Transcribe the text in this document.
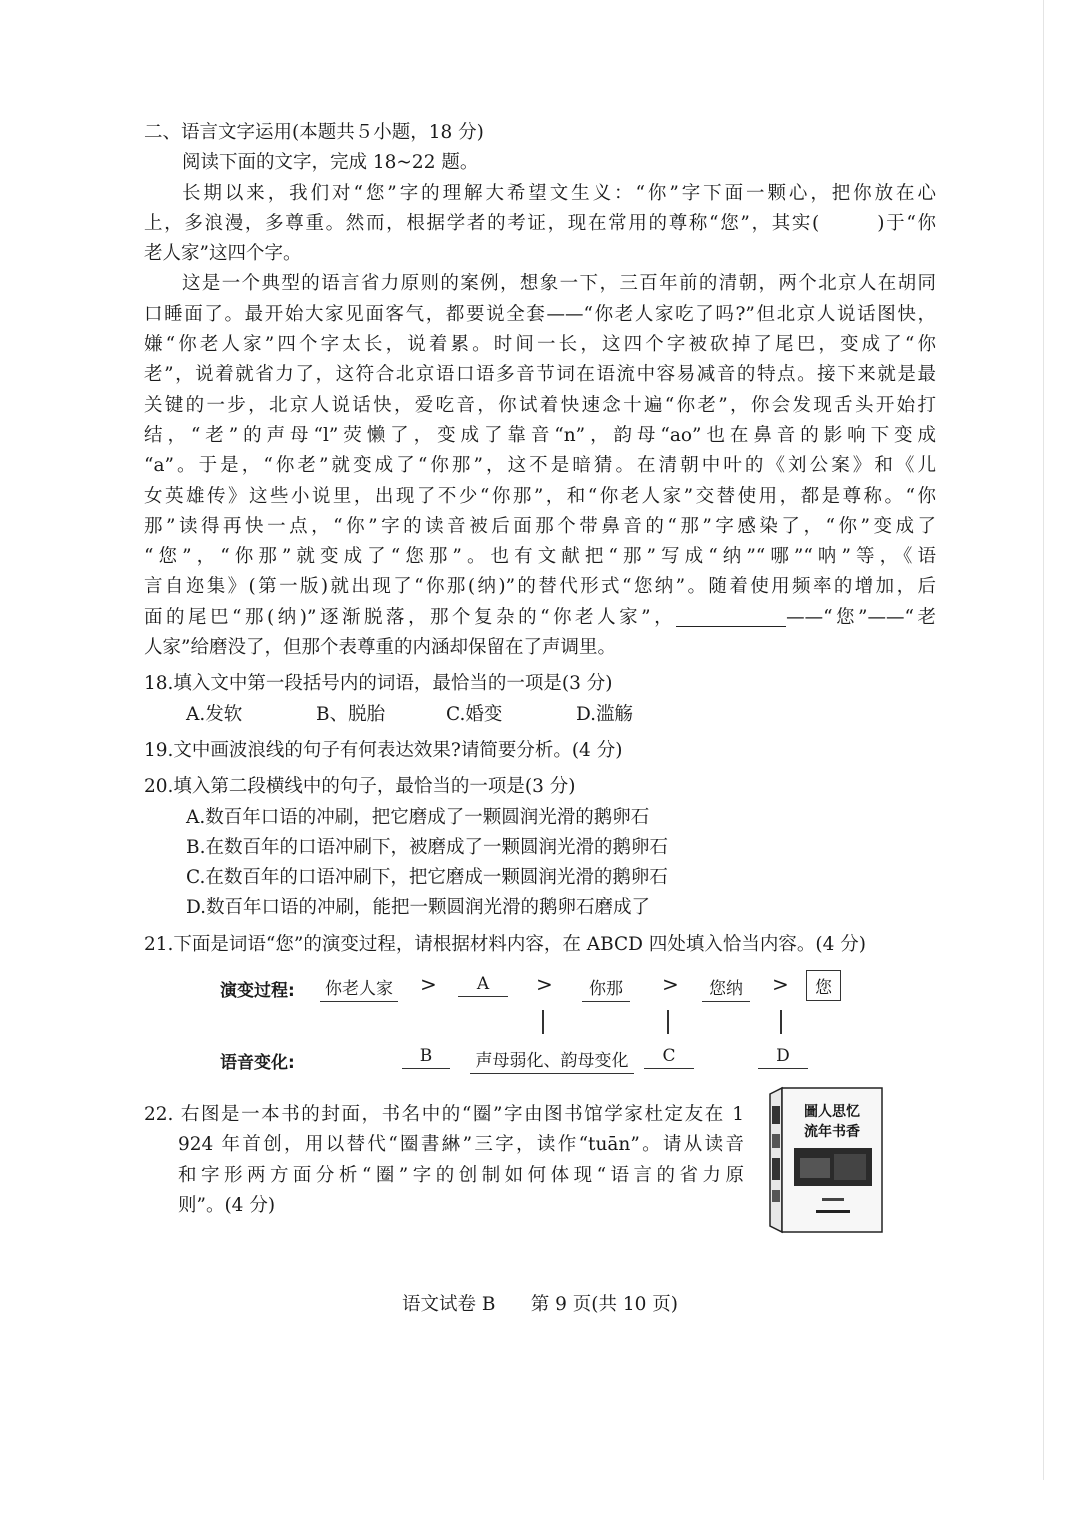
二、语言文字运用(本题共５小题，18 分)
阅读下面的文字，完成 18~22 题。
长期以来，我们对“您”字的理解大希望文生义：“你”字下面一颗心，把你放在心
上，多浪漫，多尊重。然而，根据学者的考证，现在常用的尊称“您”，其实(	)于“你
老人家”这四个字。
这是一个典型的语言省力原则的案例，想象一下，三百年前的清朝，两个北京人在胡同
口睡面了。最开始大家见面客气，都要说全套——“你老人家吃了吗?”但北京人说话图快，
嫌“你老人家”四个字太长，说着累。时间一长，这四个字被砍掉了尾巴，变成了“你
老”，说着就省力了，这符合北京语口语多音节词在语流中容易减音的特点。接下来就是最
关键的一步，北京人说话快，爱吃音，你试着快速念十遍“你老”，你会发现舌头开始打
结，“老”的声母“l”荧懒了，变成了靠音“n”，韵母“ao”也在鼻音的影响下变成
“a”。于是，“你老”就变成了“你那”，这不是暗猜。在清朝中叶的《刘公案》和《儿
女英雄传》这些小说里，出现了不少“你那”，和“你老人家”交替使用，都是尊称。“你
那”读得再快一点，“你”字的读音被后面那个带鼻音的“那”字感染了，“你”变成了
“您”，“你那”就变成了“您那”。也有文献把“那”写成“纳”“哪”“呐”等，《语
言自迩集》(第一版)就出现了“你那(纳)”的替代形式“您纳”。随着使用频率的增加，后
面的尾巴“那(纳)”逐渐脱落，那个复杂的“你老人家”，	——“您”——“老
人家”给磨没了，但那个表尊重的内涵却保留在了声调里。
18.填入文中第一段括号内的词语，最恰当的一项是(3 分)
A.发软	B、脱胎	C.婚变	D.滥觞
19.文中画波浪线的句子有何表达效果?请简要分析。(4 分)
20.填入第二段横线中的句子，最恰当的一项是(3 分)
A.数百年口语的冲刷，把它磨成了一颗圆润光滑的鹅卵石
B.在数百年的口语冲刷下，被磨成了一颗圆润光滑的鹅卵石
C.在数百年的口语冲刷下，把它磨成一颗圆润光滑的鹅卵石
D.数百年口语的冲刷，能把一颗圆润光滑的鹅卵石磨成了
21.下面是词语“您”的演变过程，请根据材料内容，在 ABCD 四处填入恰当内容。(4 分)
演变过程: 你老人家 >	A	>	你那	>	您纳	>	您
语音变化:	B	声母弱化、韵母变化	C	D
22. 右图是一本书的封面，书名中的“圈”字由图书馆学家杜定友在 1
924 年首创，用以替代“圈書綝”三字，读作“tuān”。请从读音
和字形两方面分析“圈”字的创制如何体现“语言的省力原
则”。(4 分)
圖人思忆
流年书香
语文试卷 B 第 9 页(共 10 页)
